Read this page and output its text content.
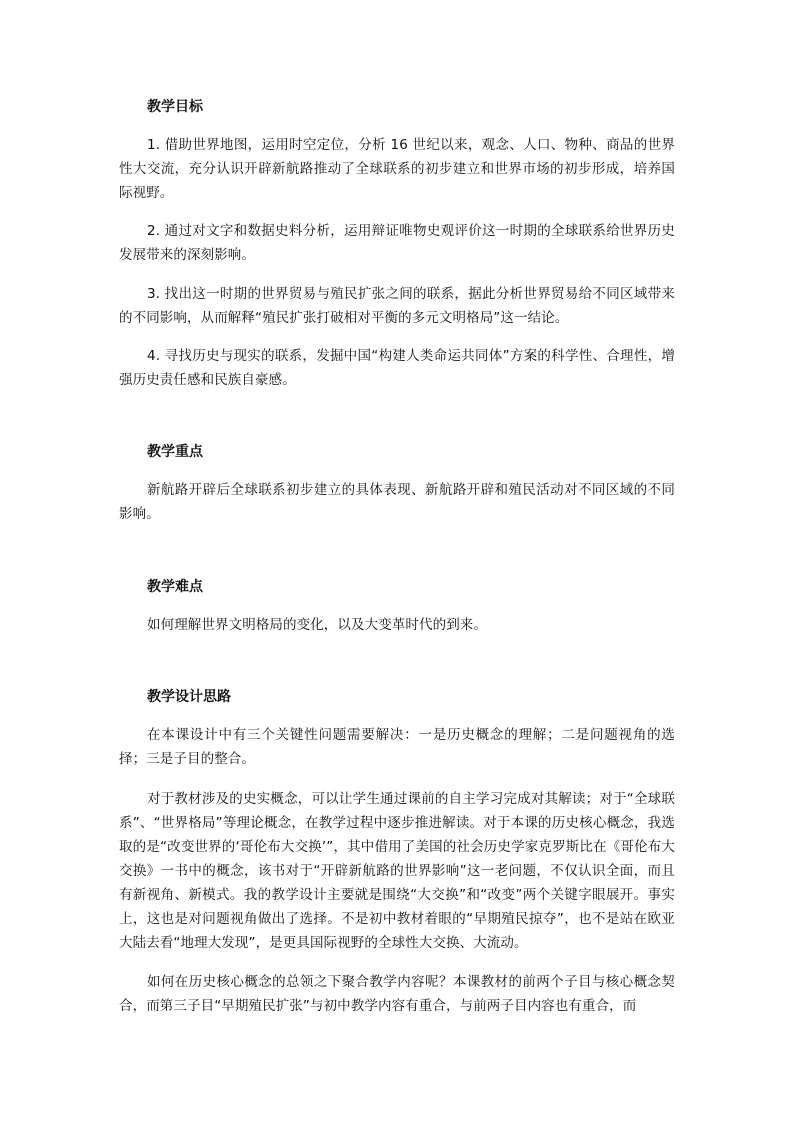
教学目标
1. 借助世界地图，运用时空定位，分析 16 世纪以来，观念、人口、物种、商品的世界性大交流，充分认识开辟新航路推动了全球联系的初步建立和世界市场的初步形成，培养国际视野。
2. 通过对文字和数据史料分析，运用辩证唯物史观评价这一时期的全球联系给世界历史发展带来的深刻影响。
3. 找出这一时期的世界贸易与殖民扩张之间的联系，据此分析世界贸易给不同区域带来的不同影响，从而解释“殖民扩张打破相对平衡的多元文明格局”这一结论。
4. 寻找历史与现实的联系，发掘中国“构建人类命运共同体”方案的科学性、合理性，增强历史责任感和民族自豪感。
教学重点
新航路开辟后全球联系初步建立的具体表现、新航路开辟和殖民活动对不同区域的不同影响。
教学难点
如何理解世界文明格局的变化，以及大变革时代的到来。
教学设计思路
在本课设计中有三个关键性问题需要解决：一是历史概念的理解；二是问题视角的选择；三是子目的整合。
对于教材涉及的史实概念，可以让学生通过课前的自主学习完成对其解读；对于“全球联系”、“世界格局”等理论概念，在教学过程中逐步推进解读。对于本课的历史核心概念，我选取的是“改变世界的‘哥伦布大交换’”，其中借用了美国的社会历史学家克罗斯比在《哥伦布大交换》一书中的概念，该书对于“开辟新航路的世界影响”这一老问题，不仅认识全面，而且有新视角、新模式。我的教学设计主要就是围绕“大交换”和“改变”两个关键字眼展开。事实上，这也是对问题视角做出了选择。不是初中教材着眼的“早期殖民掠夺”，也不是站在欧亚大陆去看“地理大发现”，是更具国际视野的全球性大交换、大流动。
如何在历史核心概念的总领之下聚合教学内容呢？本课教材的前两个子目与核心概念契合，而第三子目“早期殖民扩张”与初中教学内容有重合，与前两子目内容也有重合，而
